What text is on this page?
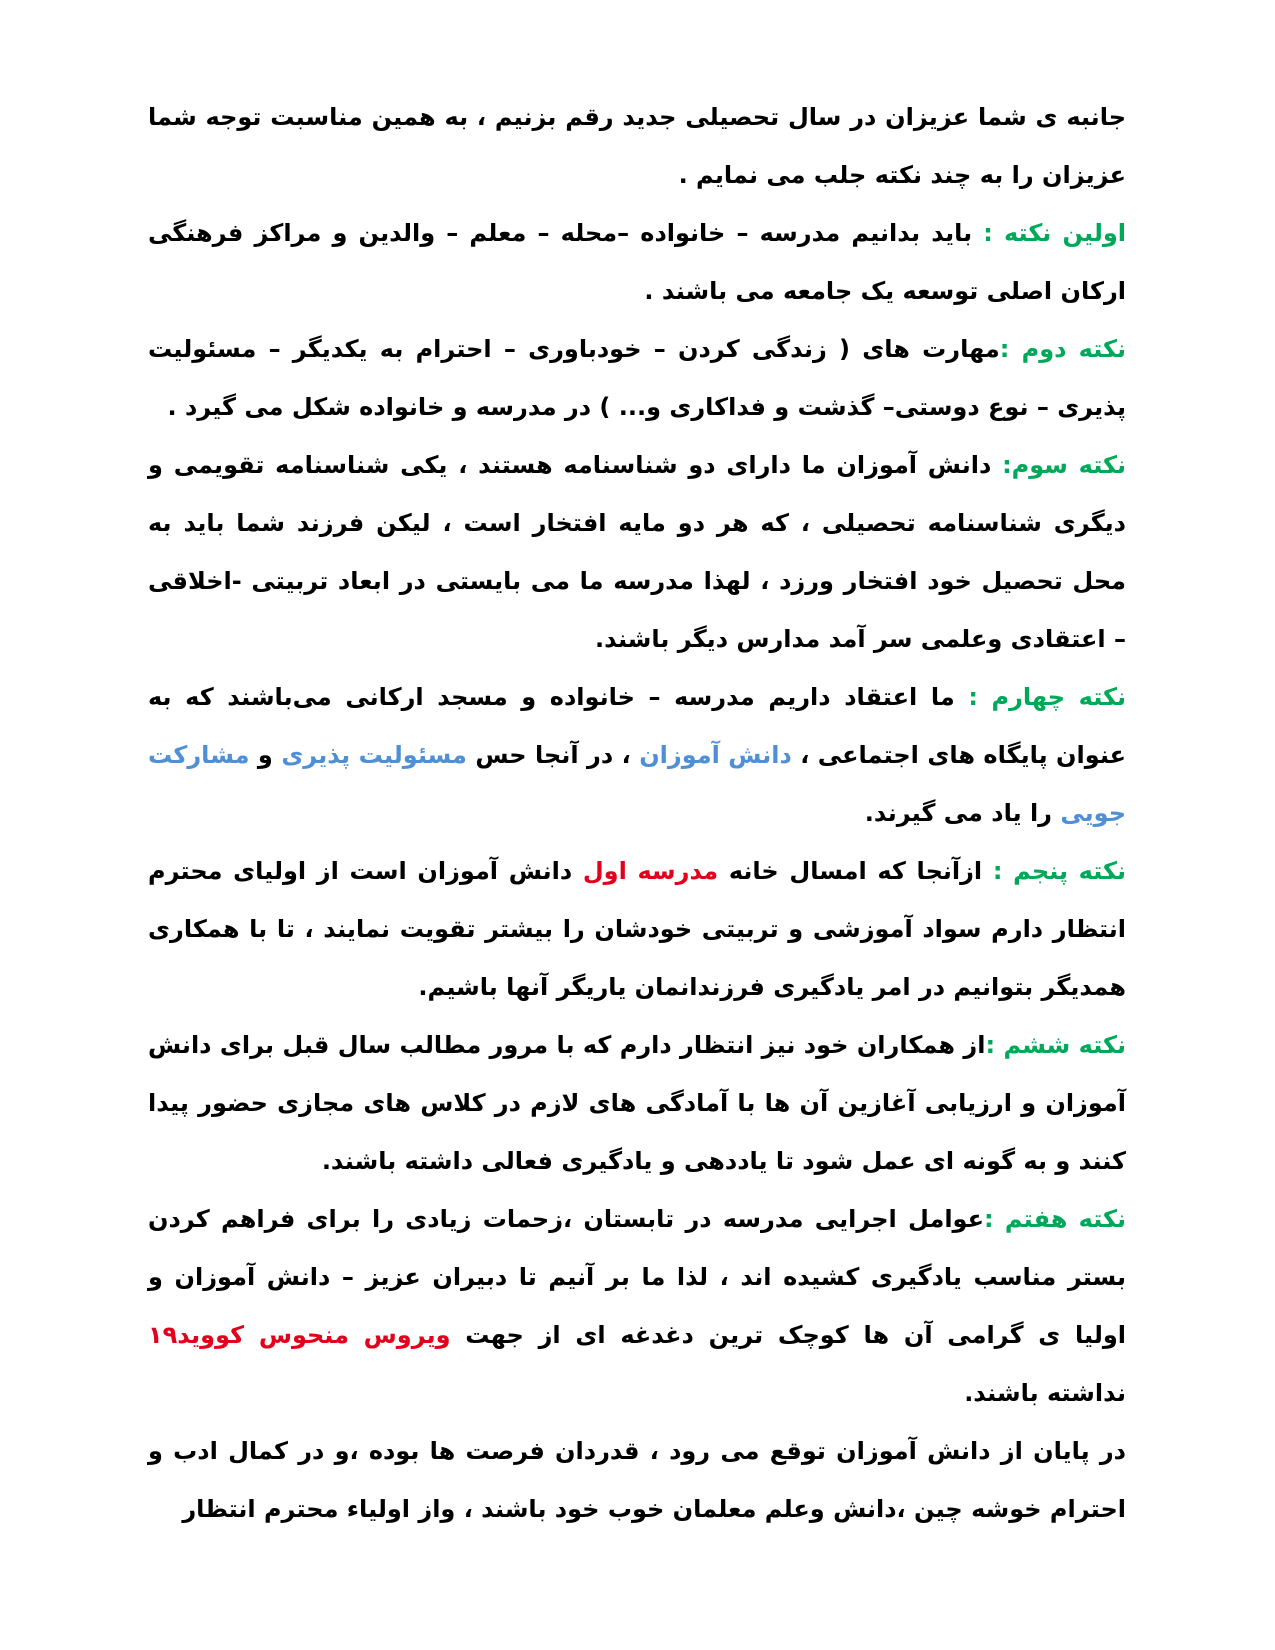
جانبه ی شما عزیزان در سال تحصیلی جدید رقم بزنیم ، به همین مناسبت توجه شما عزیزان را به چند نکته جلب می نمایم .

اولین نکته : باید بدانیم مدرسه – خانواده –محله – معلم – والدین و مراکز فرهنگی ارکان اصلی توسعه یک جامعه می باشند .

نکته دوم :مهارت های ( زندگی کردن – خودباوری – احترام به یکدیگر – مسئولیت پذیری – نوع دوستی– گذشت و فداکاری و... ) در مدرسه و خانواده شکل می گیرد .

نکته سوم: دانش آموزان ما دارای دو شناسنامه هستند ، یکی شناسنامه تقویمی و دیگری شناسنامه تحصیلی ، که هر دو مایه افتخار است ، لیکن فرزند شما باید به محل تحصیل خود افتخار ورزد ، لهذا مدرسه ما می بایستی در ابعاد تربیتی -اخلاقی – اعتقادی وعلمی سر آمد مدارس دیگر باشند.

نکته چهارم : ما اعتقاد داریم مدرسه – خانواده و مسجد ارکانی می‌باشند که به عنوان پایگاه های اجتماعی ، دانش آموزان ، در آنجا حس مسئولیت پذیری و مشارکت جویی را یاد می گیرند.

نکته پنجم : ازآنجا که امسال خانه مدرسه اول دانش آموزان است از اولیای محترم انتظار دارم سواد آموزشی و تربیتی خودشان را بیشتر تقویت نمایند ، تا با همکاری همدیگر بتوانیم در امر یادگیری فرزندانمان یاریگر آنها باشیم.

نکته ششم :از همکاران خود نیز انتظار دارم که با مرور مطالب سال قبل برای دانش آموزان و ارزیابی آغازین آن ها با آمادگی های لازم در کلاس های مجازی حضور پیدا کنند و به گونه ای عمل شود تا یاددهی و یادگیری فعالی داشته باشند.

نکته هفتم :عوامل اجرایی مدرسه در تابستان ،زحمات زیادی را برای فراهم کردن بستر مناسب یادگیری کشیده اند ، لذا ما بر آنیم تا دبیران عزیز – دانش آموزان و اولیا ی گرامی آن ها کوچک ترین دغدغه ای از جهت ویروس منحوس کووید۱۹ نداشته باشند.

در پایان از دانش آموزان توقع می رود ، قدردان فرصت ها بوده ،و در کمال ادب و احترام خوشه چین ،دانش وعلم معلمان خوب خود باشند ، واز اولیاء محترم انتظار
